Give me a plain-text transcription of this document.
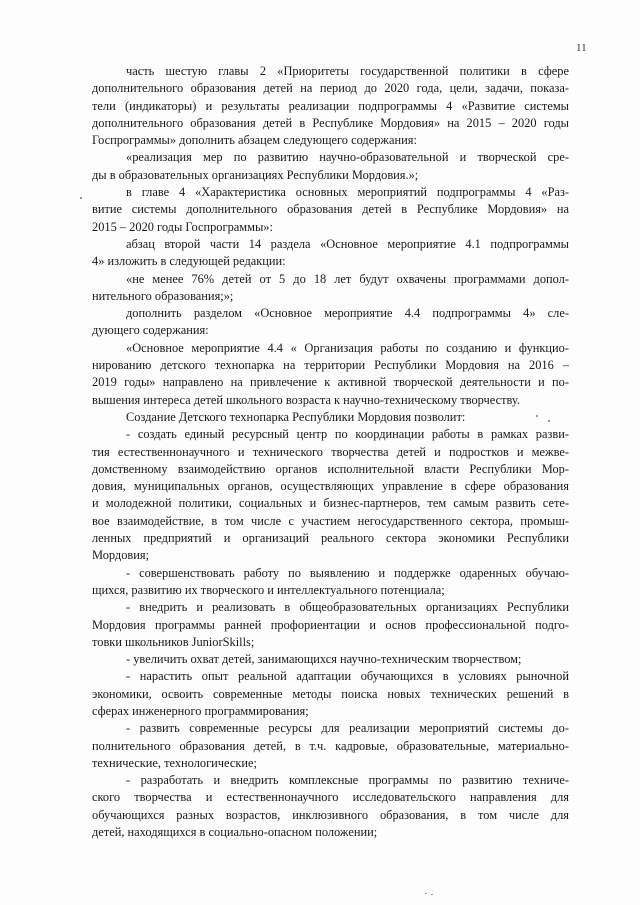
11
часть шестую главы 2 «Приоритеты государственной политики в сфере
дополнительного образования детей на период до 2020 года, цели, задачи, показа-
тели (индикаторы) и результаты реализации подпрограммы 4 «Развитие системы
дополнительного образования детей в Республике Мордовия» на 2015 – 2020 годы
Госпрограммы» дополнить абзацем следующего содержания:
«реализация мер по развитию научно-образовательной и творческой сре-
ды в образовательных организациях Республики Мордовия.»;
в главе 4 «Характеристика основных мероприятий подпрограммы 4 «Раз-
витие системы дополнительного образования детей в Республике Мордовия» на
2015 – 2020 годы Госпрограммы»:
абзац второй части 14 раздела «Основное мероприятие 4.1 подпрограммы
4» изложить в следующей редакции:
«не менее 76% детей от 5 до 18 лет будут охвачены программами допол-
нительного образования;»;
дополнить разделом «Основное мероприятие 4.4 подпрограммы 4» сле-
дующего содержания:
«Основное мероприятие 4.4 « Организация работы по созданию и функцио-
нированию детского технопарка на территории Республики Мордовия на 2016 –
2019 годы» направлено на привлечение к активной творческой деятельности и по-
вышения интереса детей школьного возраста к научно-техническому творчеству.
Создание Детского технопарка Республики Мордовия позволит:
- создать единый ресурсный центр по координации работы в рамках разви-
тия естественнонаучного и технического творчества детей и подростков и межве-
домственному взаимодействию органов исполнительной власти Республики Мор-
довия, муниципальных органов, осуществляющих управление в сфере образования
и молодежной политики, социальных и бизнес-партнеров, тем самым развить сете-
вое взаимодействие, в том числе с участием негосударственного сектора, промыш-
ленных предприятий и организаций реального сектора экономики Республики
Мордовия;
- совершенствовать работу по выявлению и поддержке одаренных обучаю-
щихся, развитию их творческого и интеллектуального потенциала;
- внедрить и реализовать в общеобразовательных организациях Республики
Мордовия программы ранней профориентации и основ профессиональной подго-
товки школьников JuniorSkills;
- увеличить охват детей, занимающихся научно-техническим творчеством;
- нарастить опыт реальной адаптации обучающихся в условиях рыночной
экономики, освоить современные методы поиска новых технических решений в
сферах инженерного программирования;
- развить современные ресурсы для реализации мероприятий системы до-
полнительного образования детей, в т.ч. кадровые, образовательные, материально-
технические, технологические;
- разработать и внедрить комплексные программы по развитию техниче-
ского творчества и естественнонаучного исследовательского направления для
обучающихся разных возрастов, инклюзивного образования, в том числе для
детей, находящихся в социально-опасном положении;
